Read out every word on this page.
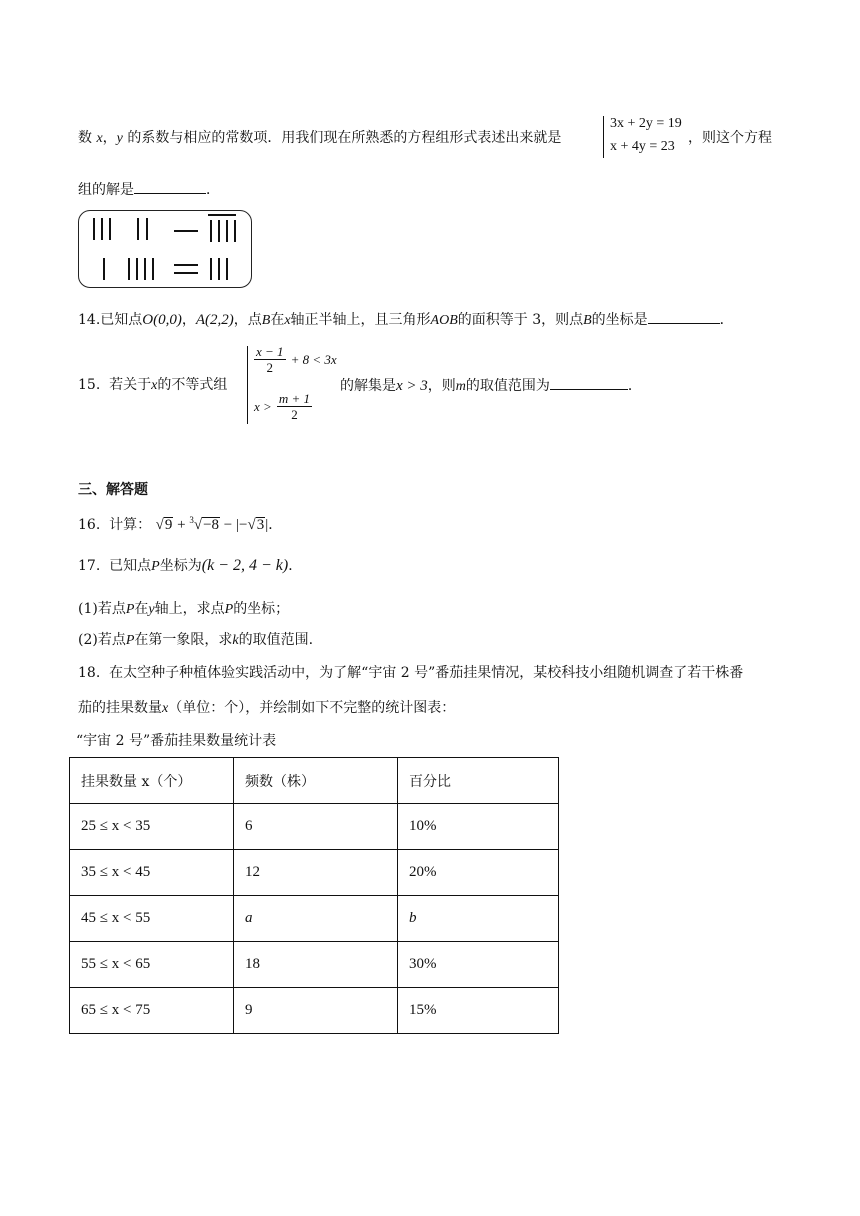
数 x，y 的系数与相应的常数项．用我们现在所熟悉的方程组形式表述出来就是
3x + 2y = 19
x + 4y = 23
，则这个方程
组的解是	．
14.已知点O(0,0)，A(2,2)，点B在x轴正半轴上，且三角形AOB的面积等于 3，则点B的坐标是	．
15. 若关于x的不等式组
$\frac{x - 1}{2} + 8 < 3x$
$x > \frac{m + 1}{2}$
的解集是x > 3，则m的取值范围为	．
三、解答题
16. 计算： √9 + $^3$√−8 − |−√3|．
17. 已知点P坐标为(k − 2, 4 − k)．
(1)若点P在y轴上，求点P的坐标；
(2)若点P在第一象限，求k的取值范围.
18. 在太空种子种植体验实践活动中，为了解“宇宙 2 号”番茄挂果情况，某校科技小组随机调查了若干株番
茄的挂果数量x（单位：个），并绘制如下不完整的统计图表：
“宇宙 2 号”番茄挂果数量统计表
挂果数量 x（个）	频数（株）	百分比
25 ≤ x < 35	6	10%
35 ≤ x < 45	12	20%
45 ≤ x < 55	a	b
55 ≤ x < 65	18	30%
65 ≤ x < 75	9	15%
